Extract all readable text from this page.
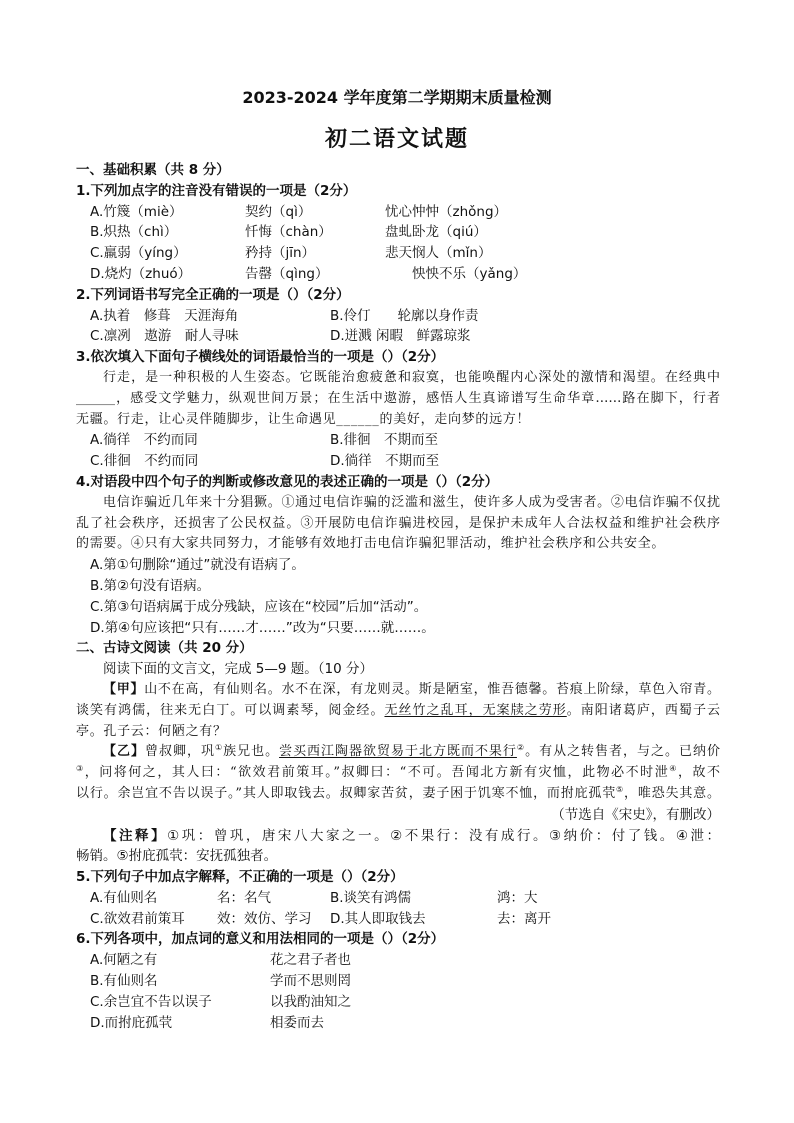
2023-2024 学年度第二学期期末质量检测
初二语文试题
一、基础积累（共 8 分）
1.下列加点字的注音没有错误的一项是（2分）
A.竹篾（miè）	契约（qì）	忧心忡忡（zhǒng）
B.炽热（chì）	忏悔（chàn）	盘虬卧龙（qiú）
C.羸弱（yíng）	矜持（jīn）	悲天悯人（mǐn）
D.烧灼（zhuó）	告罄（qìng）	怏怏不乐（yǎng）
2.下列词语书写完全正确的一项是（）（2分）
A.执着　修葺　天涯海角	B.伶仃　　轮廓以身作责
C.凛冽　遨游　耐人寻味	D.迸溅 闲暇　鲜露琼浆
3.依次填入下面句子横线处的词语最恰当的一项是（）（2分）
行走，是一种积极的人生姿态。它既能治愈疲惫和寂寞，也能唤醒内心深处的激情和渴望。在经典中
______，感受文学魅力，纵观世间万景；在生活中遨游，感悟人生真谛谱写生命华章……路在脚下，行者
无疆。行走，让心灵伴随脚步，让生命遇见______的美好，走向梦的远方！
A.徜徉　不约而同	B.徘徊　不期而至
C.徘徊　不约而同	D.徜徉　不期而至
4.对语段中四个句子的判断或修改意见的表述正确的一项是（）（2分）
电信诈骗近几年来十分猖獗。①通过电信诈骗的泛滥和滋生，使许多人成为受害者。②电信诈骗不仅扰
乱了社会秩序，还损害了公民权益。③开展防电信诈骗进校园，是保护未成年人合法权益和维护社会秩序
的需要。④只有大家共同努力，才能够有效地打击电信诈骗犯罪活动，维护社会秩序和公共安全。
A.第①句删除“通过”就没有语病了。
B.第②句没有语病。
C.第③句语病属于成分残缺，应该在“校园”后加“活动”。
D.第④句应该把“只有……才……”改为“只要……就……。
二、古诗文阅读（共 20 分）
阅读下面的文言文，完成 5—9 题。（10 分）
【甲】山不在高，有仙则名。水不在深，有龙则灵。斯是陋室，惟吾德馨。苔痕上阶绿，草色入帘青。
谈笑有鸿儒，往来无白丁。可以调素琴，阅金经。无丝竹之乱耳，无案牍之劳形。南阳诸葛庐，西蜀子云
亭。孔子云：何陋之有？
【乙】曾叔卿，巩①族兄也。尝买西江陶器欲贸易于北方既而不果行②。有从之转售者，与之。已纳价
③，问将何之，其人曰：“欲效君前策耳。”叔卿曰：“不可。吾闻北方新有灾恤，此物必不时泄④，故不
以行。余岂宜不告以误子。”其人即取钱去。叔卿家苦贫，妻子困于饥寒不恤，而拊庇孤茕⑤，唯恐失其意。
（节选自《宋史》，有删改）
【注释】①巩：曾巩，唐宋八大家之一。②不果行：没有成行。③纳价：付了钱。④泄：
畅销。⑤拊庇孤茕：安抚孤独者。
5.下列句子中加点字解释，不正确的一项是（）（2分）
A.有仙则名	名：名气	B.谈笑有鸿儒	鸿：大
C.欲效君前策耳 效：效仿、学习 D.其人即取钱去	去：离开
6.下列各项中，加点词的意义和用法相同的一项是（）（2分）
A.何陋之有	花之君子者也
B.有仙则名	学而不思则罔
C.余岂宜不告以误子	以我酌油知之
D.而拊庇孤茕	相委而去
